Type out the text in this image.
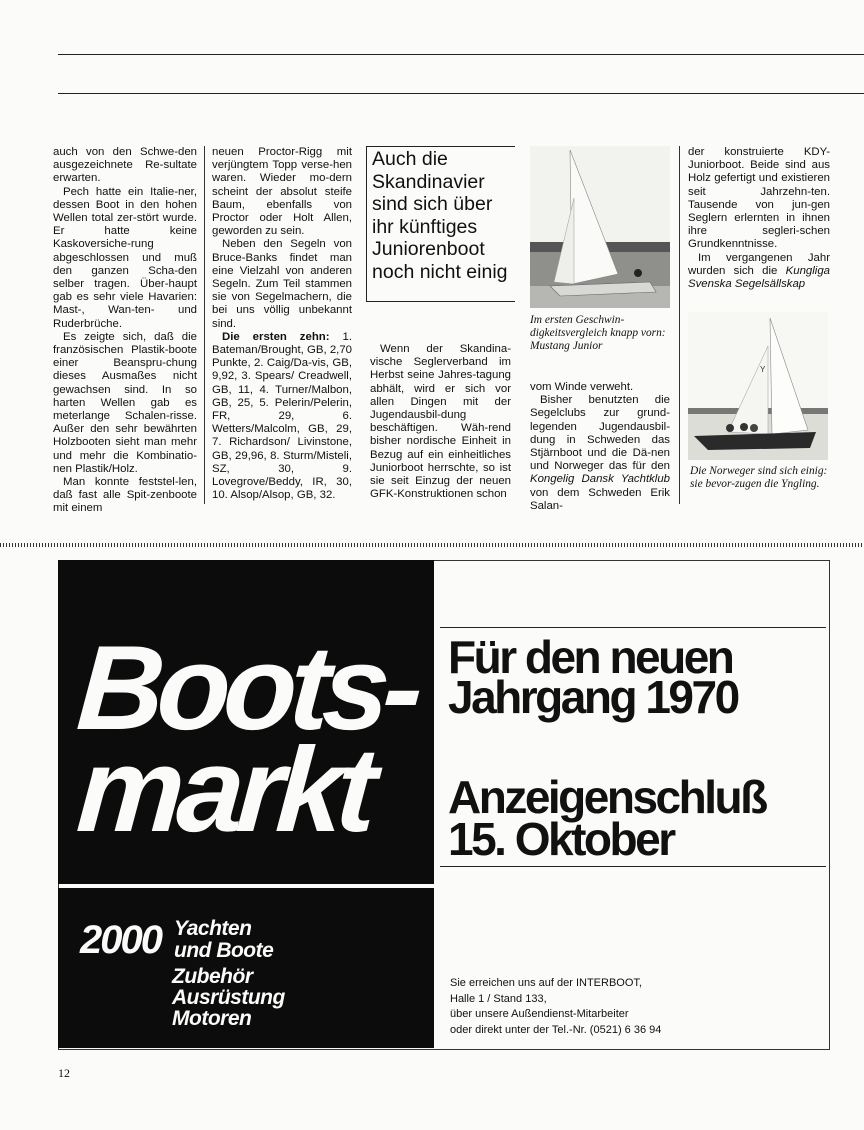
auch von den Schwe-den ausgezeichnete Re-sultate erwarten.

Pech hatte ein Italie-ner, dessen Boot in den hohen Wellen total zer-stört wurde. Er hatte keine Kaskoversiche-rung abgeschlossen und muß den ganzen Scha-den selber tragen. Über-haupt gab es sehr viele Havarien: Mast-, Wan-ten- und Ruderbrüche.

Es zeigte sich, daß die französischen Plastik-boote einer Beanspru-chung dieses Ausmaßes nicht gewachsen sind. In so harten Wellen gab es meterlange Schalen-risse. Außer den sehr bewährten Holzbooten sieht man mehr und mehr die Kombinatio-nen Plastik/Holz.

Man konnte feststel-len, daß fast alle Spit-zenboote mit einem

neuen Proctor-Rigg mit verjüngtem Topp verse-hen waren. Wieder mo-dern scheint der absolut steife Baum, ebenfalls von Proctor oder Holt Allen, geworden zu sein.

Neben den Segeln von Bruce-Banks findet man eine Vielzahl von anderen Segeln. Zum Teil stammen sie von Segelmachern, die bei uns völlig unbekannt sind.

Die ersten zehn: 1. Bateman/Brought, GB, 2,70 Punkte, 2. Caig/Da-vis, GB, 9,92, 3. Spears/ Creadwell, GB, 11, 4. Turner/Malbon, GB, 25, 5. Pelerin/Pelerin, FR, 29, 6. Wetters/Malcolm, GB, 29, 7. Richardson/ Livinstone, GB, 29,96, 8. Sturm/Misteli, SZ, 30, 9. Lovegrove/Beddy, IR, 30, 10. Alsop/Alsop, GB, 32.

Auch die Skandinavier sind sich über ihr künftiges Juniorenboot noch nicht einig

Wenn der Skandina-vische Seglerverband im Herbst seine Jahres-tagung abhält, wird er sich vor allen Dingen mit der Jugendausbil-dung beschäftigen. Wäh-rend bisher nordische Einheit in Bezug auf ein einheitliches Juniorboot herrschte, so ist sie seit Einzug der neuen GFK-Konstruktionen schon

Im ersten Geschwin-digkeitsvergleich knapp vorn: Mustang Junior

vom Winde verweht.

Bisher benutzten die Segelclubs zur grund-legenden Jugendausbil-dung in Schweden das Stjärnboot und die Dä-nen und Norweger das für den Kongelig Dansk Yachtklub von dem Schweden Erik Salan-

der konstruierte KDY-Juniorboot. Beide sind aus Holz gefertigt und existieren seit Jahrzehn-ten. Tausende von jun-gen Seglern erlernten in ihnen ihre segleri-schen Grundkenntnisse.

Im vergangenen Jahr wurden sich die Kungliga Svenska Segelsällskap

Y
Die Norweger sind sich einig: sie bevor-zugen die Yngling.
Boots-
markt
2000 Yachten
und Boote
Zubehör
Ausrüstung
Motoren
Für den neuen
Jahrgang 1970
Anzeigenschluß
15. Oktober
Sie erreichen uns auf der INTERBOOT,
Halle 1 / Stand 133,
über unsere Außendienst-Mitarbeiter
oder direkt unter der Tel.-Nr. (0521) 6 36 94
12
